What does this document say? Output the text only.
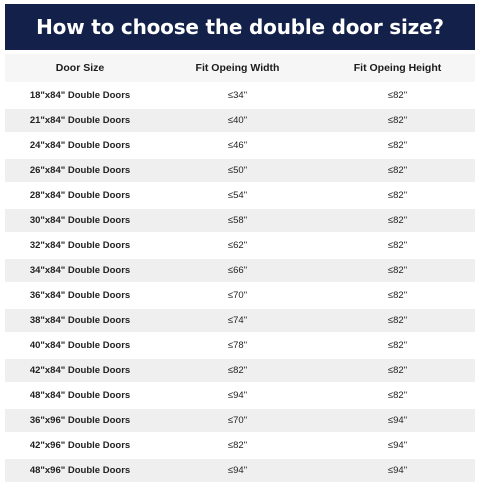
How to choose the double door size?
Door Size	Fit Opeing Width	Fit Opeing Height
18"x84" Double Doors	≤34"	≤82"
21"x84" Double Doors	≤40"	≤82"
24"x84" Double Doors	≤46"	≤82"
26"x84" Double Doors	≤50"	≤82"
28"x84" Double Doors	≤54"	≤82"
30"x84" Double Doors	≤58"	≤82"
32"x84" Double Doors	≤62"	≤82"
34"x84" Double Doors	≤66"	≤82"
36"x84" Double Doors	≤70"	≤82"
38"x84" Double Doors	≤74"	≤82"
40"x84" Double Doors	≤78"	≤82"
42"x84" Double Doors	≤82"	≤82"
48"x84" Double Doors	≤94"	≤82"
36"x96" Double Doors	≤70"	≤94"
42"x96" Double Doors	≤82"	≤94"
48"x96" Double Doors	≤94"	≤94"
